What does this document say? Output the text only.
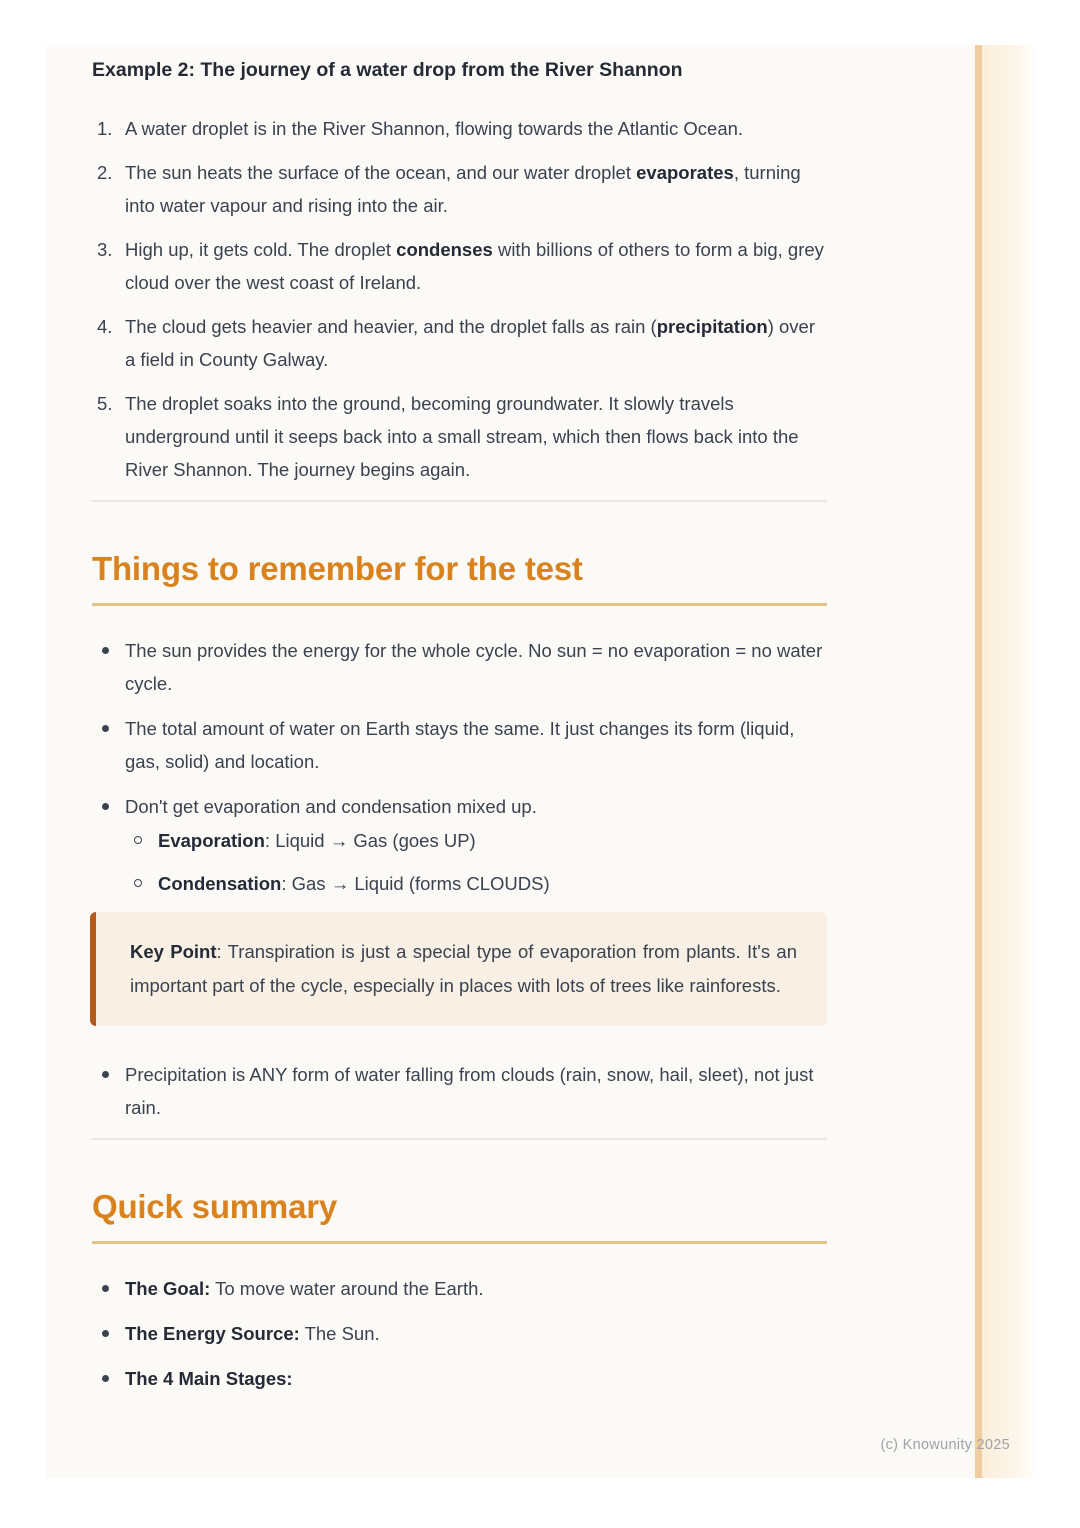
Example 2: The journey of a water drop from the River Shannon
A water droplet is in the River Shannon, flowing towards the Atlantic Ocean.
The sun heats the surface of the ocean, and our water droplet evaporates, turning into water vapour and rising into the air.
High up, it gets cold. The droplet condenses with billions of others to form a big, grey cloud over the west coast of Ireland.
The cloud gets heavier and heavier, and the droplet falls as rain (precipitation) over a field in County Galway.
The droplet soaks into the ground, becoming groundwater. It slowly travels underground until it seeps back into a small stream, which then flows back into the River Shannon. The journey begins again.
Things to remember for the test
The sun provides the energy for the whole cycle. No sun = no evaporation = no water cycle.
The total amount of water on Earth stays the same. It just changes its form (liquid, gas, solid) and location.
Don't get evaporation and condensation mixed up.
Evaporation: Liquid → Gas (goes UP)
Condensation: Gas → Liquid (forms CLOUDS)

Key Point: Transpiration is just a special type of evaporation from plants. It's an important part of the cycle, especially in places with lots of trees like rainforests.

Precipitation is ANY form of water falling from clouds (rain, snow, hail, sleet), not just rain.
Quick summary
The Goal: To move water around the Earth.
The Energy Source: The Sun.
The 4 Main Stages:
(c) Knowunity 2025
